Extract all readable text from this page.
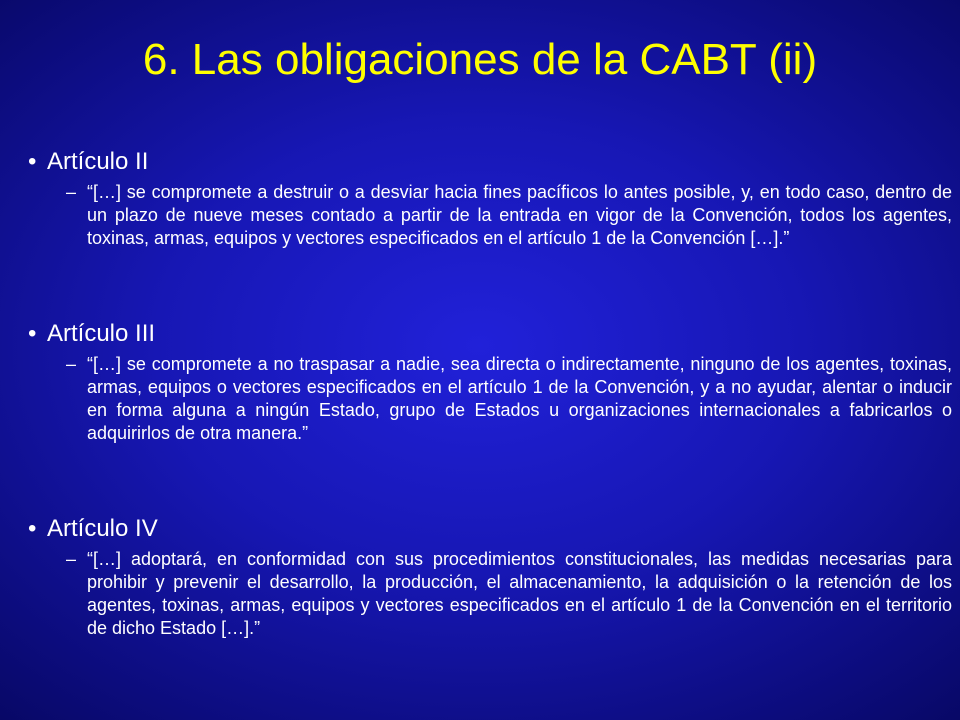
6. Las obligaciones de la CABT (ii)
• Artículo II
– “[…] se compromete a destruir o a desviar hacia fines pacíficos lo antes posible, y, en todo caso, dentro de un plazo de nueve meses contado a partir de la entrada en vigor de la Convención, todos los agentes, toxinas, armas, equipos y vectores especificados en el artículo 1 de la Convención […].”
• Artículo III
– “[…] se compromete a no traspasar a nadie, sea directa o indirectamente, ninguno de los agentes, toxinas, armas, equipos o vectores especificados en el artículo 1 de la Convención, y a no ayudar, alentar o inducir en forma alguna a ningún Estado, grupo de Estados u organizaciones internacionales a fabricarlos o adquirirlos de otra manera.”
• Artículo IV
– “[…] adoptará, en conformidad con sus procedimientos constitucionales, las medidas necesarias para prohibir y prevenir el desarrollo, la producción, el almacenamiento, la adquisición o la retención de los agentes, toxinas, armas, equipos y vectores especificados en el artículo 1 de la Convención en el territorio de dicho Estado […].”
